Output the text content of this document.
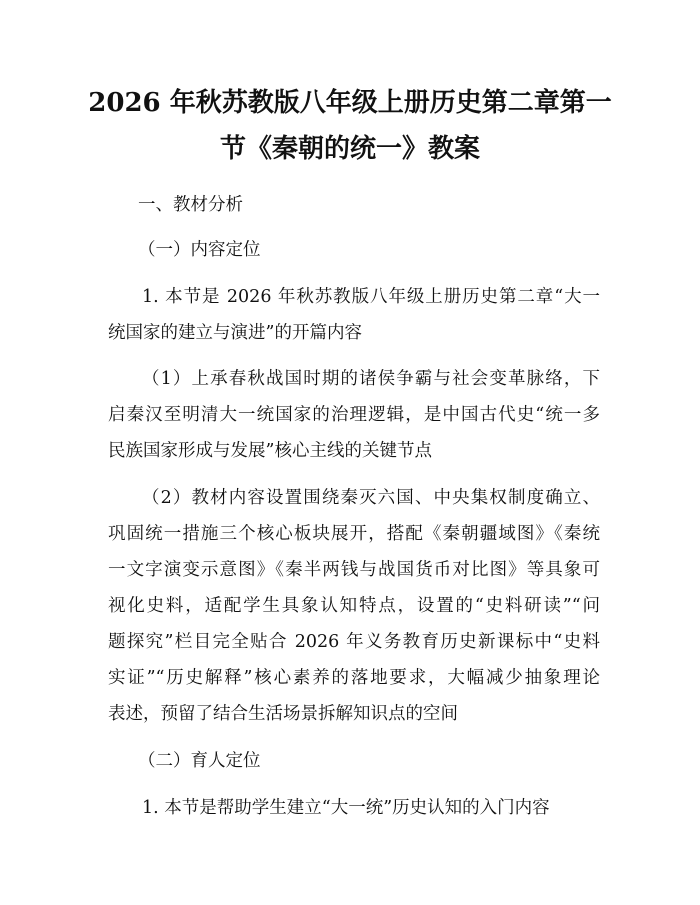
2026 年秋苏教版八年级上册历史第二章第一
节《秦朝的统一》教案
一、教材分析
（一）内容定位
1. 本节是 2026 年秋苏教版八年级上册历史第二章“大一
统国家的建立与演进”的开篇内容
（1）上承春秋战国时期的诸侯争霸与社会变革脉络，下
启秦汉至明清大一统国家的治理逻辑，是中国古代史“统一多
民族国家形成与发展”核心主线的关键节点
（2）教材内容设置围绕秦灭六国、中央集权制度确立、
巩固统一措施三个核心板块展开，搭配《秦朝疆域图》《秦统
一文字演变示意图》《秦半两钱与战国货币对比图》等具象可
视化史料，适配学生具象认知特点，设置的“史料研读”“问
题探究”栏目完全贴合 2026 年义务教育历史新课标中“史料
实证”“历史解释”核心素养的落地要求，大幅减少抽象理论
表述，预留了结合生活场景拆解知识点的空间
（二）育人定位
1. 本节是帮助学生建立“大一统”历史认知的入门内容
